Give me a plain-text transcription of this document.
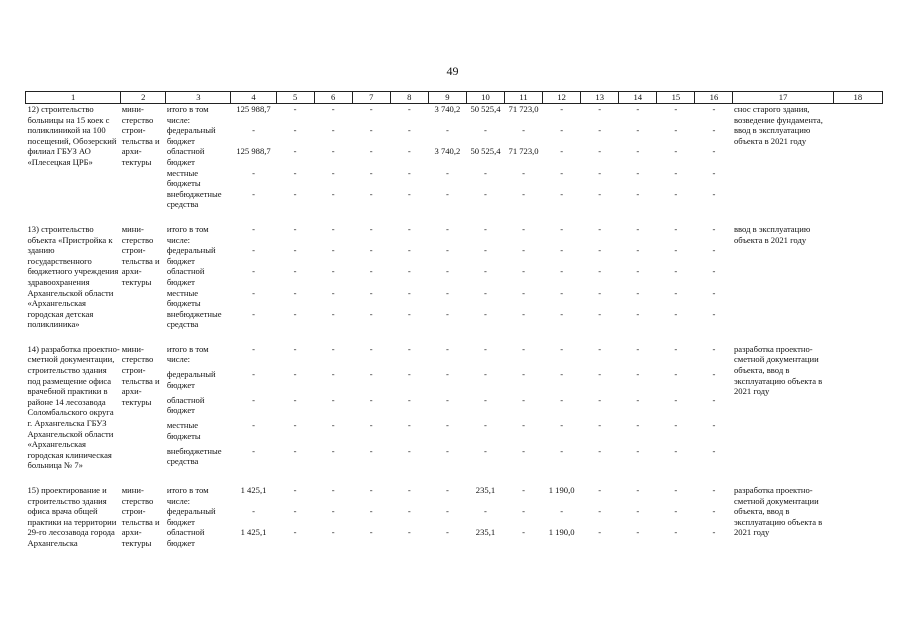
49
1	2	3	4	5	6	7	8	9	10	11	12	13	14	15	16	17	18
12) строительство больницы на 15 коек с поликлиникой на 100 посещений, Обозерский филиал ГБУЗ АО «Плесецкая ЦРБ»	мини-стерство строи-тельства и архи-тектуры	итого в том числе:	125 988,7	-	-	-	-	3 740,2	50 525,4	71 723,0	-	-	-	-	-	снос старого здания, возведение фундамента, ввод в эксплуатацию объекта в 2021 году	
		федеральный бюджет	-	-	-	-	-	-	-	-	-	-	-	-	-		
		областной бюджет	125 988,7	-	-	-	-	3 740,2	50 525,4	71 723,0	-	-	-	-	-		
		местные бюджеты	-	-	-	-	-	-	-	-	-	-	-	-	-		
		внебюджетные средства	-	-	-	-	-	-	-	-	-	-	-	-	-		

13) строительство объекта «Пристройка к зданию государственного бюджетного учреждения здравоохранения Архангельской области «Архангельская городская детская поликлиника»	мини-стерство строи-тельства и архи-тектуры	итого в том числе:	-	-	-	-	-	-	-	-	-	-	-	-	-	ввод в эксплуатацию объекта в 2021 году	
		федеральный бюджет	-	-	-	-	-	-	-	-	-	-	-	-	-		
		областной бюджет	-	-	-	-	-	-	-	-	-	-	-	-	-		
		местные бюджеты	-	-	-	-	-	-	-	-	-	-	-	-	-		
		внебюджетные средства	-	-	-	-	-	-	-	-	-	-	-	-	-		

14) разработка проектно-сметной документации, строительство здания под размещение офиса врачебной практики в районе 14 лесозавода Соломбальского округа г. Архангельска ГБУЗ Архангельской области «Архангельская городская клиническая больница № 7»	мини-стерство строи-тельства и архи-тектуры	итого в том числе:	-	-	-	-	-	-	-	-	-	-	-	-	-	разработка проектно-сметной документации объекта, ввод в эксплуатацию объекта в 2021 году	
		федеральный бюджет	-	-	-	-	-	-	-	-	-	-	-	-	-		
		областной бюджет	-	-	-	-	-	-	-	-	-	-	-	-	-		
		местные бюджеты	-	-	-	-	-	-	-	-	-	-	-	-	-		
		внебюджетные средства	-	-	-	-	-	-	-	-	-	-	-	-	-		

15) проектирование и строительство здания офиса врача общей практики на территории 29-го лесозавода города Архангельска	мини-стерство строи-тельства и архи-тектуры	итого в том числе:	1 425,1	-	-	-	-	-	235,1	-	1 190,0	-	-	-	-	разработка проектно-сметной документации объекта, ввод в эксплуатацию объекта в 2021 году	
		федеральный бюджет	-	-	-	-	-	-	-	-	-	-	-	-	-		
		областной бюджет	1 425,1	-	-	-	-	-	235,1	-	1 190,0	-	-	-	-		
